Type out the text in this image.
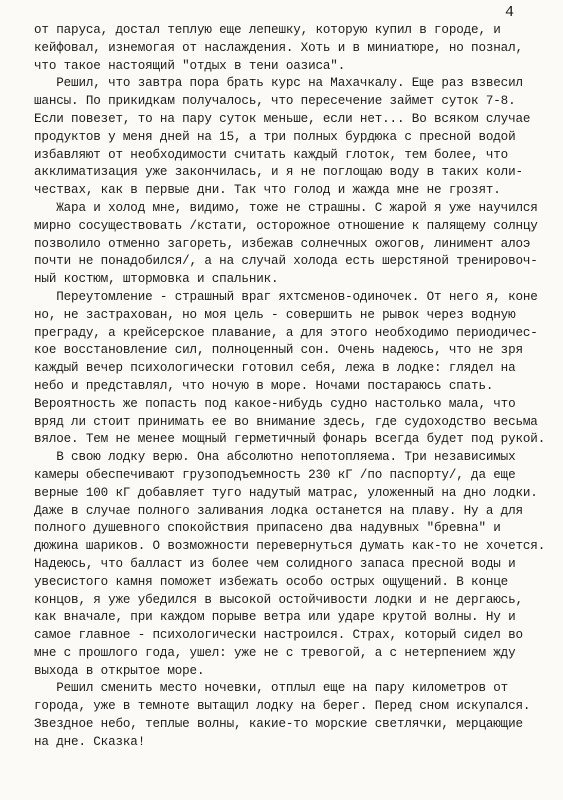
4
от паруса, достал теплую еще лепешку, которую купил в городе, и
кейфовал, изнемогая от наслаждения. Хоть и в миниатюре, но познал,
что такое настоящий "отдых в тени оазиса".
Решил, что завтра пора брать курс на Махачкалу. Еще раз взвесил
шансы. По прикидкам получалось, что пересечение займет суток 7-8.
Если повезет, то на пару суток меньше, если нет... Во всяком случае
продуктов у меня дней на 15, а три полных бурдюка с пресной водой
избавляют от необходимости считать каждый глоток, тем более, что
акклиматизация уже закончилась, и я не поглощаю воду в таких коли-
чествах, как в первые дни. Так что голод и жажда мне не грозят.
Жара и холод мне, видимо, тоже не страшны. С жарой я уже научился
мирно сосуществовать /кстати, осторожное отношение к палящему солнцу
позволило отменно загореть, избежав солнечных ожогов, линимент алоэ
почти не понадобился/, а на случай холода есть шерстяной тренировоч-
ный костюм, штормовка и спальник.
Переутомление - страшный враг яхтсменов-одиночек. От него я, коне
но, не застрахован, но моя цель - совершить не рывок через водную
преграду, а крейсерское плавание, а для этого необходимо периодичес-
кое восстановление сил, полноценный сон. Очень надеюсь, что не зря
каждый вечер психологически готовил себя, лежа в лодке: глядел на
небо и представлял, что ночую в море. Ночами постараюсь спать.
Вероятность же попасть под какое-нибудь судно настолько мала, что
вряд ли стоит принимать ее во внимание здесь, где судоходство весьма
вялое. Тем не менее мощный герметичный фонарь всегда будет под рукой.
В свою лодку верю. Она абсолютно непотопляема. Три независимых
камеры обеспечивают грузоподъемность 230 кГ /по паспорту/, да еще
верные 100 кГ добавляет туго надутый матрас, уложенный на дно лодки.
Даже в случае полного заливания лодка останется на плаву. Ну а для
полного душевного спокойствия припасено два надувных "бревна" и
дюжина шариков. О возможности перевернуться думать как-то не хочется.
Надеюсь, что балласт из более чем солидного запаса пресной воды и
увесистого камня поможет избежать особо острых ощущений. В конце
концов, я уже убедился в высокой остойчивости лодки и не дергаюсь,
как вначале, при каждом порыве ветра или ударе крутой волны. Ну и
самое главное - психологически настроился. Страх, который сидел во
мне с прошлого года, ушел: уже не с тревогой, а с нетерпением жду
выхода в открытое море.
Решил сменить место ночевки, отплыл еще на пару километров от
города, уже в темноте вытащил лодку на берег. Перед сном искупался.
Звездное небо, теплые волны, какие-то морские светлячки, мерцающие
на дне. Сказка!
